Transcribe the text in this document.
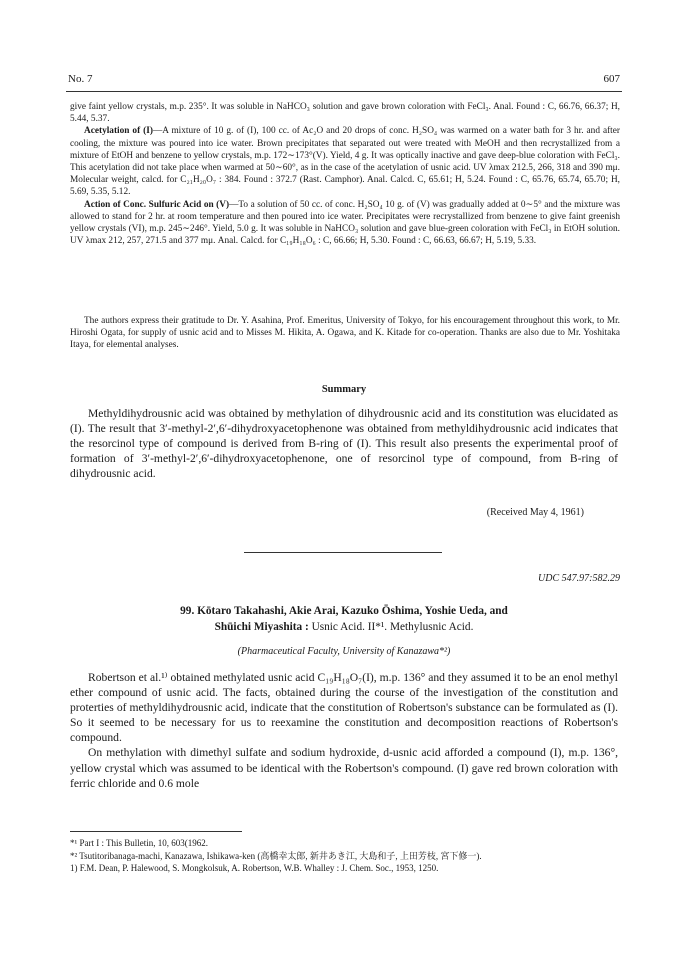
No. 7	607

give faint yellow crystals, m.p. 235°. It was soluble in NaHCO₃ solution and gave brown coloration with FeCl₃. Anal. Found : C, 66.76, 66.37; H, 5.44, 5.37.

Acetylation of (I)—A mixture of 10 g. of (I), 100 cc. of Ac₂O and 20 drops of conc. H₂SO₄ was warmed on a water bath for 3 hr. and after cooling, the mixture was poured into ice water. Brown precipitates that separated out were treated with MeOH and then recrystallized from a mixture of EtOH and benzene to yellow crystals, m.p. 172∼173°(V). Yield, 4 g. It was optically inactive and gave deep-blue coloration with FeCl₃. This acetylation did not take place when warmed at 50∼60°, as in the case of the acetylation of usnic acid. UV λmax 212.5, 266, 318 and 390 mμ. Molecular weight, calcd. for C₂₁H₂₀O₇ : 384. Found : 372.7 (Rast. Camphor). Anal. Calcd. C, 65.61; H, 5.24. Found : C, 65.76, 65.74, 65.70; H, 5.69, 5.35, 5.12.

Action of Conc. Sulfuric Acid on (V)—To a solution of 50 cc. of conc. H₂SO₄ 10 g. of (V) was gradually added at 0∼5° and the mixture was allowed to stand for 2 hr. at room temperature and then poured into ice water. Precipitates were recrystallized from benzene to give faint greenish yellow crystals (VI), m.p. 245∼246°. Yield, 5.0 g. It was soluble in NaHCO₃ solution and gave blue-green coloration with FeCl₃ in EtOH solution. UV λmax 212, 257, 271.5 and 377 mμ. Anal. Calcd. for C₁₉H₁₈O₆ : C, 66.66; H, 5.30. Found : C, 66.63, 66.67; H, 5.19, 5.33.

The authors express their gratitude to Dr. Y. Asahina, Prof. Emeritus, University of Tokyo, for his encouragement throughout this work, to Mr. Hiroshi Ogata, for supply of usnic acid and to Misses M. Hikita, A. Ogawa, and K. Kitade for co-operation. Thanks are also due to Mr. Yoshitaka Itaya, for elemental analyses.

Summary

Methyldihydrousnic acid was obtained by methylation of dihydrousnic acid and its constitution was elucidated as (I). The result that 3′-methyl-2′,6′-dihydroxyacetophenone was obtained from methyldihydrousnic acid indicates that the resorcinol type of compound is derived from B-ring of (I). This result also presents the experimental proof of formation of 3′-methyl-2′,6′-dihydroxyacetophenone, one of resorcinol type of compound, from B-ring of dihydrousnic acid.

(Received May 4, 1961)
UDC 547.97:582.29
99. Kōtaro Takahashi, Akie Arai, Kazuko Ōshima, Yoshie Ueda, and
Shūichi Miyashita : Usnic Acid. II*¹. Methylusnic Acid.
(Pharmaceutical Faculty, University of Kanazawa*²)

Robertson et al.¹⁾ obtained methylated usnic acid C₁₉H₁₈O₇(I), m.p. 136° and they assumed it to be an enol methyl ether compound of usnic acid. The facts, obtained during the course of the investigation of the constitution and proterties of methyldihydrousnic acid, indicate that the constitution of Robertson's substance can be formulated as (I). So it seemed to be necessary for us to reexamine the constitution and decomposition reactions of Robertson's compound.

On methylation with dimethyl sulfate and sodium hydroxide, d-usnic acid afforded a compound (I), m.p. 136°, yellow crystal which was assumed to be identical with the Robertson's compound. (I) gave red brown coloration with ferric chloride and 0.6 mole

*¹ Part I : This Bulletin, 10, 603(1962.

*² Tsutitoribanaga-machi, Kanazawa, Ishikawa-ken (高橋幸太郎, 新井あき江, 大島和子, 上田芳枝, 宮下修一).

1) F.M. Dean, P. Halewood, S. Mongkolsuk, A. Robertson, W.B. Whalley : J. Chem. Soc., 1953, 1250.
